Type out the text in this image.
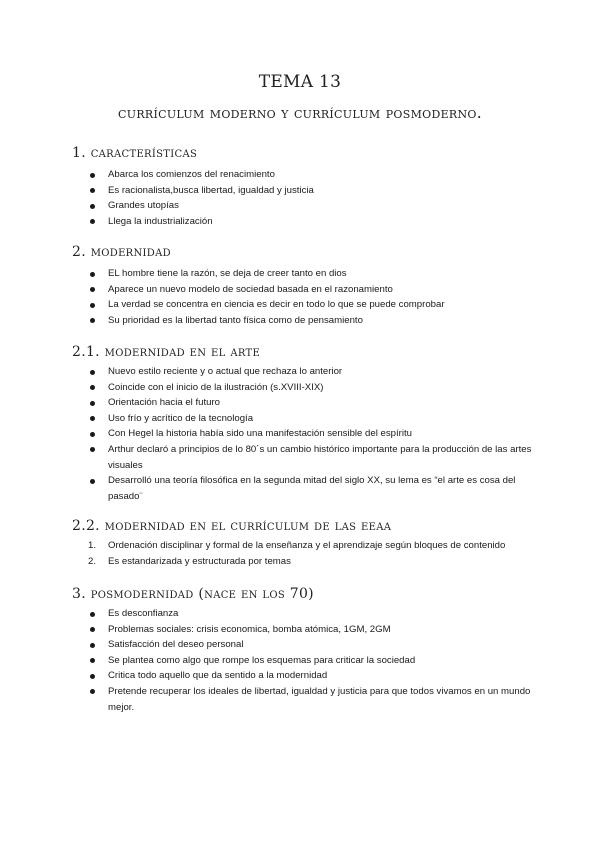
TEMA 13
currículum moderno y currículum posmoderno.
1. características
Abarca los comienzos del renacimiento
Es racionalista,busca libertad, igualdad y justicia
Grandes utopías
Llega la industrialización
2. modernidad
EL hombre tiene la razón, se deja de creer tanto en dios
Aparece un nuevo modelo de sociedad basada en el razonamiento
La verdad se concentra en ciencia es decir en todo lo que se puede comprobar
Su prioridad es la libertad tanto física como de pensamiento
2.1. modernidad en el arte
Nuevo estilo reciente y o actual que rechaza lo anterior
Coincide con el inicio de la ilustración (s.XVIII-XIX)
Orientación hacia el futuro
Uso frío y acrítico de la tecnología
Con Hegel la historia había sido una manifestación sensible del espíritu
Arthur declaró a principios de lo 80´s un cambio histórico importante para la producción de las artes visuales
Desarrolló una teoría filosófica en la segunda mitad del siglo XX, su lema es “el arte es cosa del pasado¨
2.2. modernidad en el currículum de las eeaa
1. Ordenación disciplinar y formal de la enseñanza y el aprendizaje según bloques de contenido
2. Es estandarizada y estructurada por temas
3. posmodernidad (nace en los 70)
Es desconfianza
Problemas sociales: crisis economica, bomba atómica, 1GM, 2GM
Satisfacción del deseo personal
Se plantea como algo que rompe los esquemas para criticar la sociedad
Critica todo aquello que da sentido a la modernidad
Pretende recuperar los ideales de libertad, igualdad y justicia para que todos vivamos en un mundo mejor.
